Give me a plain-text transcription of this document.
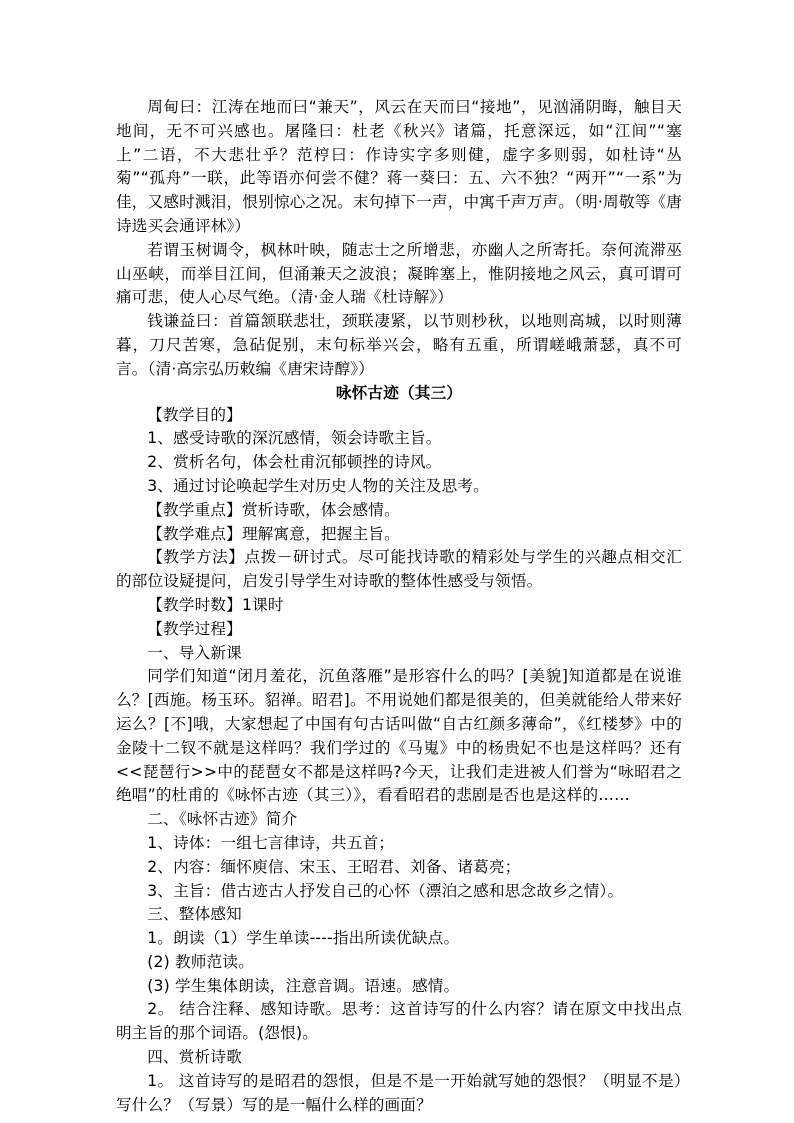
周甸曰：江涛在地而曰“兼天”，风云在天而曰“接地”，见汹涌阴晦，触目天地间，无不可兴感也。屠隆曰：杜老《秋兴》诸篇，托意深远，如“江间”“塞上”二语，不大悲壮乎？范梈曰：作诗实字多则健，虚字多则弱，如杜诗“丛菊”“孤舟”一联，此等语亦何尝不健？蒋一葵曰：五、六不独？“两开”“一系”为佳，又感时溅泪，恨别惊心之况。末句掉下一声，中寓千声万声。（明·周敬等《唐诗选买会通评林》）

若谓玉树调令，枫林叶映，随志士之所增悲，亦幽人之所寄托。奈何流滞巫山巫峡，而举目江间，但涌兼天之波浪；凝眸塞上，惟阴接地之风云，真可谓可痛可悲，使人心尽气绝。（清·金人瑞《杜诗解》）

钱谦益曰：首篇颔联悲壮，颈联凄紧，以节则杪秋，以地则高城，以时则薄暮，刀尺苦寒，急砧促别，末句标举兴会，略有五重，所谓嵯峨萧瑟，真不可言。（清·高宗弘历敕编《唐宋诗醇》）

咏怀古迹（其三）

【教学目的】

1、感受诗歌的深沉感情，领会诗歌主旨。

2、赏析名句，体会杜甫沉郁顿挫的诗风。

3、通过讨论唤起学生对历史人物的关注及思考。

【教学重点】赏析诗歌，体会感情。

【教学难点】理解寓意，把握主旨。

【教学方法】点拨－研讨式。尽可能找诗歌的精彩处与学生的兴趣点相交汇的部位设疑提问，启发引导学生对诗歌的整体性感受与领悟。

【教学时数】1课时

【教学过程】

一、导入新课

同学们知道“闭月羞花，沉鱼落雁”是形容什么的吗？[美貌]知道都是在说谁么？[西施。杨玉环。貂禅。昭君]。不用说她们都是很美的，但美就能给人带来好运么？[不]哦，大家想起了中国有句古话叫做“自古红颜多薄命”，《红楼梦》中的金陵十二钗不就是这样吗？我们学过的《马嵬》中的杨贵妃不也是这样吗？还有<<琵琶行>>中的琵琶女不都是这样吗?今天，让我们走进被人们誉为“咏昭君之绝唱”的杜甫的《咏怀古迹（其三）》，看看昭君的悲剧是否也是这样的……

二、《咏怀古迹》简介

1、诗体：一组七言律诗，共五首；

2、内容：缅怀庾信、宋玉、王昭君、刘备、诸葛亮；

3、主旨：借古迹古人抒发自己的心怀（漂泊之感和思念故乡之情）。

三、整体感知

1。朗读（1）学生单读----指出所读优缺点。

(2) 教师范读。

(3) 学生集体朗读，注意音调。语速。感情。

2。 结合注释、感知诗歌。思考：这首诗写的什么内容？请在原文中找出点明主旨的那个词语。(怨恨)。

四、赏析诗歌

1。 这首诗写的是昭君的怨恨，但是不是一开始就写她的怨恨？（明显不是）写什么？（写景）写的是一幅什么样的画面？
